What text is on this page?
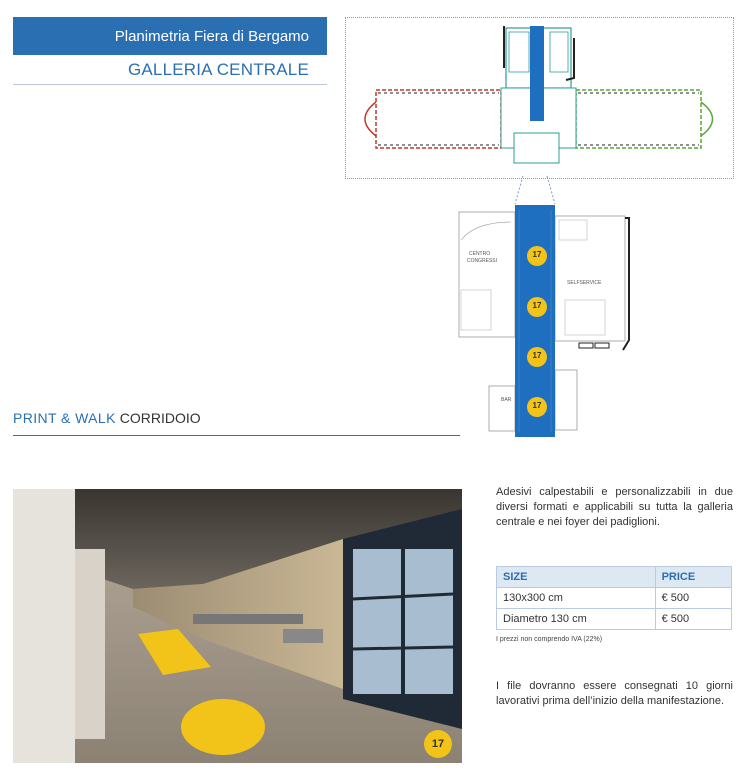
Planimetria Fiera di Bergamo
GALLERIA CENTRALE
17
17
17
17
CENTRO
CONGRESSI
SELFSERVICE
BAR
PRINT & WALK CORRIDOIO
17
Adesivi calpestabili e personalizzabili in due diversi formati e applicabili su tutta la galleria centrale e nei foyer dei padiglioni.
SIZE	PRICE
130x300 cm	€ 500
Diametro 130 cm	€ 500
I prezzi non comprendo IVA (22%)
I file dovranno essere consegnati 10 giorni lavorativi prima dell’inizio della manifestazione.
